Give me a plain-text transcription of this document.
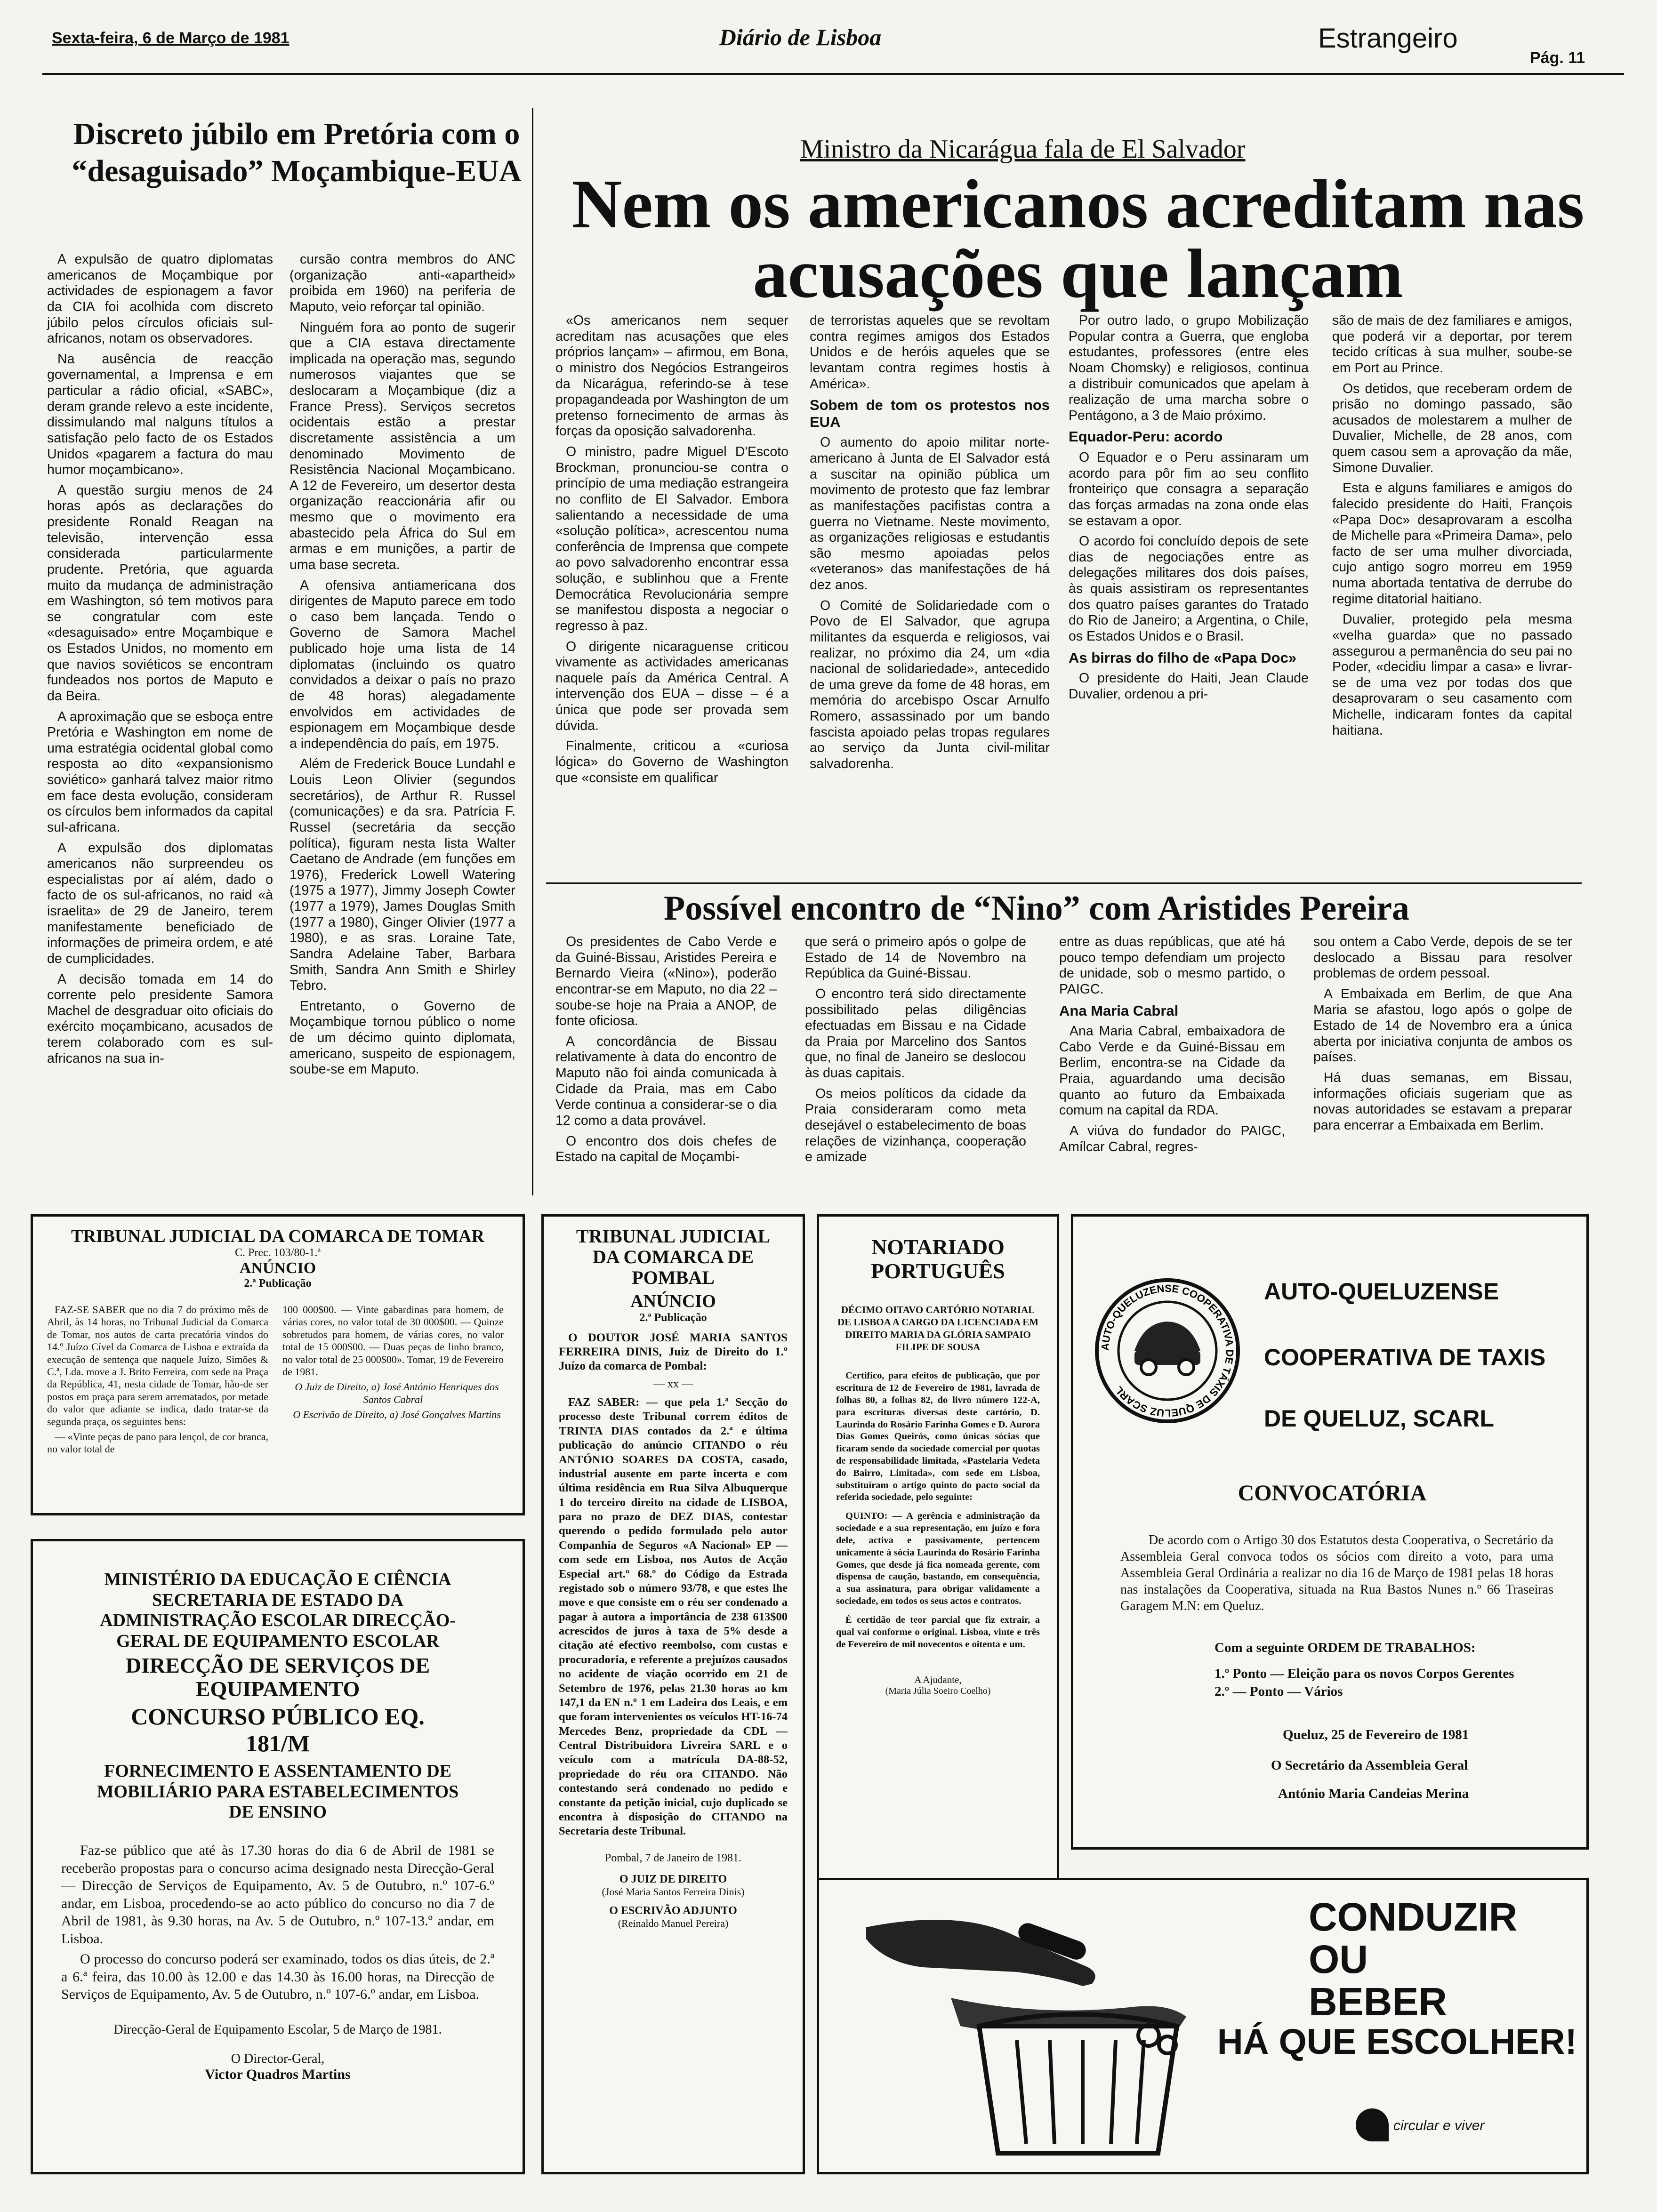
Sexta-feira, 6 de Março de 1981	Diário de Lisboa	Estrangeiro
Pág. 11
Discreto júbilo em Pretória com o “desaguisado” Moçambique-EUA

A expulsão de quatro diplomatas americanos de Moçambique por actividades de espionagem a favor da CIA foi acolhida com discreto júbilo pelos círculos oficiais sul-africanos, notam os observadores.

Na ausência de reacção governamental, a Imprensa e em particular a rádio oficial, «SABC», deram grande relevo a este incidente, dissimulando mal nalguns títulos a satisfação pelo facto de os Estados Unidos «pagarem a factura do mau humor moçambicano».

A questão surgiu menos de 24 horas após as declarações do presidente Ronald Reagan na televisão, intervenção essa considerada particularmente prudente. Pretória, que aguarda muito da mudança de administração em Washington, só tem motivos para se congratular com este «desaguisado» entre Moçambique e os Estados Unidos, no momento em que navios soviéticos se encontram fundeados nos portos de Maputo e da Beira.

A aproximação que se esboça entre Pretória e Washington em nome de uma estratégia ocidental global como resposta ao dito «expansionismo soviético» ganhará talvez maior ritmo em face desta evolução, consideram os círculos bem informados da capital sul-africana.

A expulsão dos diplomatas americanos não surpreendeu os especialistas por aí além, dado o facto de os sul-africanos, no raid «à israelita» de 29 de Janeiro, terem manifestamente beneficiado de informações de primeira ordem, e até de cumplicidades.

A decisão tomada em 14 do corrente pelo presidente Samora Machel de desgraduar oito oficiais do exército moçambicano, acusados de terem colaborado com es sul-africanos na sua in-

cursão contra membros do ANC (organização anti-«apartheid» proibida em 1960) na periferia de Maputo, veio reforçar tal opinião.

Ninguém fora ao ponto de sugerir que a CIA estava directamente implicada na operação mas, segundo numerosos viajantes que se deslocaram a Moçambique (diz a France Press). Serviços secretos ocidentais estão a prestar discretamente assistência a um denominado Movimento de Resistência Nacional Moçambicano. A 12 de Fevereiro, um desertor desta organização reaccionária afir ou mesmo que o movimento era abastecido pela África do Sul em armas e em munições, a partir de uma base secreta.

A ofensiva antiamericana dos dirigentes de Maputo parece em todo o caso bem lançada. Tendo o Governo de Samora Machel publicado hoje uma lista de 14 diplomatas (incluindo os quatro convidados a deixar o país no prazo de 48 horas) alegadamente envolvidos em actividades de espionagem em Moçambique desde a independência do país, em 1975.

Além de Frederick Bouce Lundahl e Louis Leon Olivier (segundos secretários), de Arthur R. Russel (comunicações) e da sra. Patrícia F. Russel (secretária da secção política), figuram nesta lista Walter Caetano de Andrade (em funções em 1976), Frederick Lowell Watering (1975 a 1977), Jimmy Joseph Cowter (1977 a 1979), James Douglas Smith (1977 a 1980), Ginger Olivier (1977 a 1980), e as sras. Loraine Tate, Sandra Adelaine Taber, Barbara Smith, Sandra Ann Smith e Shirley Tebro.

Entretanto, o Governo de Moçambique tornou público o nome de um décimo quinto diplomata, americano, suspeito de espionagem, soube-se em Maputo.

Ministro da Nicarágua fala de El Salvador
Nem os americanos acreditam nas acusações que lançam

«Os americanos nem sequer acreditam nas acusações que eles próprios lançam» – afirmou, em Bona, o ministro dos Negócios Estrangeiros da Nicarágua, referindo-se à tese propagandeada por Washington de um pretenso fornecimento de armas às forças da oposição salvadorenha.

O ministro, padre Miguel D'Escoto Brockman, pronunciou-se contra o princípio de uma mediação estrangeira no conflito de El Salvador. Embora salientando a necessidade de uma «solução política», acrescentou numa conferência de Imprensa que compete ao povo salvadorenho encontrar essa solução, e sublinhou que a Frente Democrática Revolucionária sempre se manifestou disposta a negociar o regresso à paz.

O dirigente nicaraguense criticou vivamente as actividades americanas naquele país da América Central. A intervenção dos EUA – disse – é a única que pode ser provada sem dúvida.

Finalmente, criticou a «curiosa lógica» do Governo de Washington que «consiste em qualificar

de terroristas aqueles que se revoltam contra regimes amigos dos Estados Unidos e de heróis aqueles que se levantam contra regimes hostis à América».

Sobem de tom os protestos nos EUA

O aumento do apoio militar norte-americano à Junta de El Salvador está a suscitar na opinião pública um movimento de protesto que faz lembrar as manifestações pacifistas contra a guerra no Vietname. Neste movimento, as organizações religiosas e estudantis são mesmo apoiadas pelos «veteranos» das manifestações de há dez anos.

O Comité de Solidariedade com o Povo de El Salvador, que agrupa militantes da esquerda e religiosos, vai realizar, no próximo dia 24, um «dia nacional de solidariedade», antecedido de uma greve da fome de 48 horas, em memória do arcebispo Oscar Arnulfo Romero, assassinado por um bando fascista apoiado pelas tropas regulares ao serviço da Junta civil-militar salvadorenha.

Por outro lado, o grupo Mobilização Popular contra a Guerra, que engloba estudantes, professores (entre eles Noam Chomsky) e religiosos, continua a distribuir comunicados que apelam à realização de uma marcha sobre o Pentágono, a 3 de Maio próximo.

Equador-Peru: acordo

O Equador e o Peru assinaram um acordo para pôr fim ao seu conflito fronteiriço que consagra a separação das forças armadas na zona onde elas se estavam a opor.

O acordo foi concluído depois de sete dias de negociações entre as delegações militares dos dois países, às quais assistiram os representantes dos quatro países garantes do Tratado do Rio de Janeiro; a Argentina, o Chile, os Estados Unidos e o Brasil.

As birras do filho de «Papa Doc»

O presidente do Haiti, Jean Claude Duvalier, ordenou a pri-

são de mais de dez familiares e amigos, que poderá vir a deportar, por terem tecido críticas à sua mulher, soube-se em Port au Prince.

Os detidos, que receberam ordem de prisão no domingo passado, são acusados de molestarem a mulher de Duvalier, Michelle, de 28 anos, com quem casou sem a aprovação da mãe, Simone Duvalier.

Esta e alguns familiares e amigos do falecido presidente do Haiti, François «Papa Doc» desaprovaram a escolha de Michelle para «Primeira Dama», pelo facto de ser uma mulher divorciada, cujo antigo sogro morreu em 1959 numa abortada tentativa de derrube do regime ditatorial haitiano.

Duvalier, protegido pela mesma «velha guarda» que no passado assegurou a permanência do seu pai no Poder, «decidiu limpar a casa» e livrar-se de uma vez por todas dos que desaprovaram o seu casamento com Michelle, indicaram fontes da capital haitiana.

Possível encontro de “Nino” com Aristides Pereira

Os presidentes de Cabo Verde e da Guiné-Bissau, Aristides Pereira e Bernardo Vieira («Nino»), poderão encontrar-se em Maputo, no dia 22 – soube-se hoje na Praia a ANOP, de fonte oficiosa.

A concordância de Bissau relativamente à data do encontro de Maputo não foi ainda comunicada à Cidade da Praia, mas em Cabo Verde continua a considerar-se o dia 12 como a data provável.

O encontro dos dois chefes de Estado na capital de Moçambi-

que será o primeiro após o golpe de Estado de 14 de Novembro na República da Guiné-Bissau.

O encontro terá sido directamente possibilitado pelas diligências efectuadas em Bissau e na Cidade da Praia por Marcelino dos Santos que, no final de Janeiro se deslocou às duas capitais.

Os meios políticos da cidade da Praia consideraram como meta desejável o estabelecimento de boas relações de vizinhança, cooperação e amizade

entre as duas repúblicas, que até há pouco tempo defendiam um projecto de unidade, sob o mesmo partido, o PAIGC.

Ana Maria Cabral

Ana Maria Cabral, embaixadora de Cabo Verde e da Guiné-Bissau em Berlim, encontra-se na Cidade da Praia, aguardando uma decisão quanto ao futuro da Embaixada comum na capital da RDA.

A viúva do fundador do PAIGC, Amílcar Cabral, regres-

sou ontem a Cabo Verde, depois de se ter deslocado a Bissau para resolver problemas de ordem pessoal.

A Embaixada em Berlim, de que Ana Maria se afastou, logo após o golpe de Estado de 14 de Novembro era a única aberta por iniciativa conjunta de ambos os países.

Há duas semanas, em Bissau, informações oficiais sugeriam que as novas autoridades se estavam a preparar para encerrar a Embaixada em Berlim.

TRIBUNAL JUDICIAL DA COMARCA DE TOMAR
C. Prec. 103/80-1.ª
ANÚNCIO
2.ª Publicação

FAZ-SE SABER que no dia 7 do próximo mês de Abril, às 14 horas, no Tribunal Judicial da Comarca de Tomar, nos autos de carta precatória vindos do 14.º Juízo Cível da Comarca de Lisboa e extraída da execução de sentença que naquele Juízo, Simões & C.ª, Lda. move a J. Brito Ferreira, com sede na Praça da República, 41, nesta cidade de Tomar, hão-de ser postos em praça para serem arrematados, por metade do valor que adiante se indica, dado tratar-se da segunda praça, os seguintes bens:

— «Vinte peças de pano para lençol, de cor branca, no valor total de

100 000$00. — Vinte gabardinas para homem, de várias cores, no valor total de 30 000$00. — Quinze sobretudos para homem, de várias cores, no valor total de 15 000$00. — Duas peças de linho branco, no valor total de 25 000$00». Tomar, 19 de Fevereiro de 1981.

O Juiz de Direito, a) José António Henriques dos Santos Cabral

O Escrivão de Direito, a) José Gonçalves Martins

MINISTÉRIO DA EDUCAÇÃO E CIÊNCIA SECRETARIA DE ESTADO DA ADMINISTRAÇÃO ESCOLAR DIRECÇÃO-GERAL DE EQUIPAMENTO ESCOLAR
DIRECÇÃO DE SERVIÇOS DE EQUIPAMENTO
CONCURSO PÚBLICO EQ. 181/M
FORNECIMENTO E ASSENTAMENTO DE MOBILIÁRIO PARA ESTABELECIMENTOS DE ENSINO
Faz-se público que até às 17.30 horas do dia 6 de Abril de 1981 se receberão propostas para o concurso acima designado nesta Direcção-Geral — Direcção de Serviços de Equipamento, Av. 5 de Outubro, n.º 107-6.º andar, em Lisboa, procedendo-se ao acto público do concurso no dia 7 de Abril de 1981, às 9.30 horas, na Av. 5 de Outubro, n.º 107-13.º andar, em Lisboa.
O processo do concurso poderá ser examinado, todos os dias úteis, de 2.ª a 6.ª feira, das 10.00 às 12.00 e das 14.30 às 16.00 horas, na Direcção de Serviços de Equipamento, Av. 5 de Outubro, n.º 107-6.º andar, em Lisboa.
Direcção-Geral de Equipamento Escolar, 5 de Março de 1981.
O Director-Geral,
Victor Quadros Martins
TRIBUNAL JUDICIAL DA COMARCA DE POMBAL
ANÚNCIO
2.ª Publicação
O DOUTOR JOSÉ MARIA SANTOS FERREIRA DINIS, Juiz de Direito do 1.º Juízo da comarca de Pombal:
— xx —
FAZ SABER: — que pela 1.ª Secção do processo deste Tribunal correm éditos de TRINTA DIAS contados da 2.ª e última publicação do anúncio CITANDO o réu ANTÓNIO SOARES DA COSTA, casado, industrial ausente em parte incerta e com última residência em Rua Silva Albuquerque 1 do terceiro direito na cidade de LISBOA, para no prazo de DEZ DIAS, contestar querendo o pedido formulado pelo autor Companhia de Seguros «A Nacional» EP — com sede em Lisboa, nos Autos de Acção Especial art.º 68.º do Código da Estrada registado sob o número 93/78, e que estes lhe move e que consiste em o réu ser condenado a pagar à autora a importância de 238 613$00 acrescidos de juros à taxa de 5% desde a citação até efectivo reembolso, com custas e procuradoria, e referente a prejuízos causados no acidente de viação ocorrido em 21 de Setembro de 1976, pelas 21.30 horas ao km 147,1 da EN n.º 1 em Ladeira dos Leais, e em que foram intervenientes os veículos HT-16-74 Mercedes Benz, propriedade da CDL — Central Distribuidora Livreira SARL e o veículo com a matrícula DA-88-52, propriedade do réu ora CITANDO. Não contestando será condenado no pedido e constante da petição inicial, cujo duplicado se encontra à disposição do CITANDO na Secretaria deste Tribunal.
Pombal, 7 de Janeiro de 1981.
O JUIZ DE DIREITO
(José Maria Santos Ferreira Dinis)
O ESCRIVÃO ADJUNTO
(Reinaldo Manuel Pereira)
NOTARIADO PORTUGUÊS
DÉCIMO OITAVO CARTÓRIO NOTARIAL DE LISBOA A CARGO DA LICENCIADA EM DIREITO MARIA DA GLÓRIA SAMPAIO FILIPE DE SOUSA
Certifico, para efeitos de publicação, que por escritura de 12 de Fevereiro de 1981, lavrada de folhas 80, a folhas 82, do livro número 122-A, para escrituras diversas deste cartório, D. Laurinda do Rosário Farinha Gomes e D. Aurora Dias Gomes Queirós, como únicas sócias que ficaram sendo da sociedade comercial por quotas de responsabilidade limitada, «Pastelaria Vedeta do Bairro, Limitada», com sede em Lisboa, substituíram o artigo quinto do pacto social da referida sociedade, pelo seguinte:
QUINTO: — A gerência e administração da sociedade e a sua representação, em juízo e fora dele, activa e passivamente, pertencem unicamente à sócia Laurinda do Rosário Farinha Gomes, que desde já fica nomeada gerente, com dispensa de caução, bastando, em consequência, a sua assinatura, para obrigar validamente a sociedade, em todos os seus actos e contratos.
É certidão de teor parcial que fiz extrair, a qual vai conforme o original. Lisboa, vinte e três de Fevereiro de mil novecentos e oitenta e um.
A Ajudante,
(Maria Júlia Soeiro Coelho)
AUTO-QUELUZENSE COOPERATIVA DE TÁXIS DE QUELUZ SCARL
AUTO-QUELUZENSE
COOPERATIVA DE TAXIS
DE QUELUZ, SCARL
CONVOCATÓRIA
De acordo com o Artigo 30 dos Estatutos desta Cooperativa, o Secretário da Assembleia Geral convoca todos os sócios com direito a voto, para uma Assembleia Geral Ordinária a realizar no dia 16 de Março de 1981 pelas 18 horas nas instalações da Cooperativa, situada na Rua Bastos Nunes n.º 66 Traseiras Garagem M.N: em Queluz.
Com a seguinte ORDEM DE TRABALHOS:
1.º Ponto — Eleição para os novos Corpos Gerentes
2.º — Ponto — Vários
Queluz, 25 de Fevereiro de 1981
O Secretário da Assembleia Geral
António Maria Candeias Merina
CONDUZIR
OU
BEBER
HÁ QUE ESCOLHER!
circular e viver
